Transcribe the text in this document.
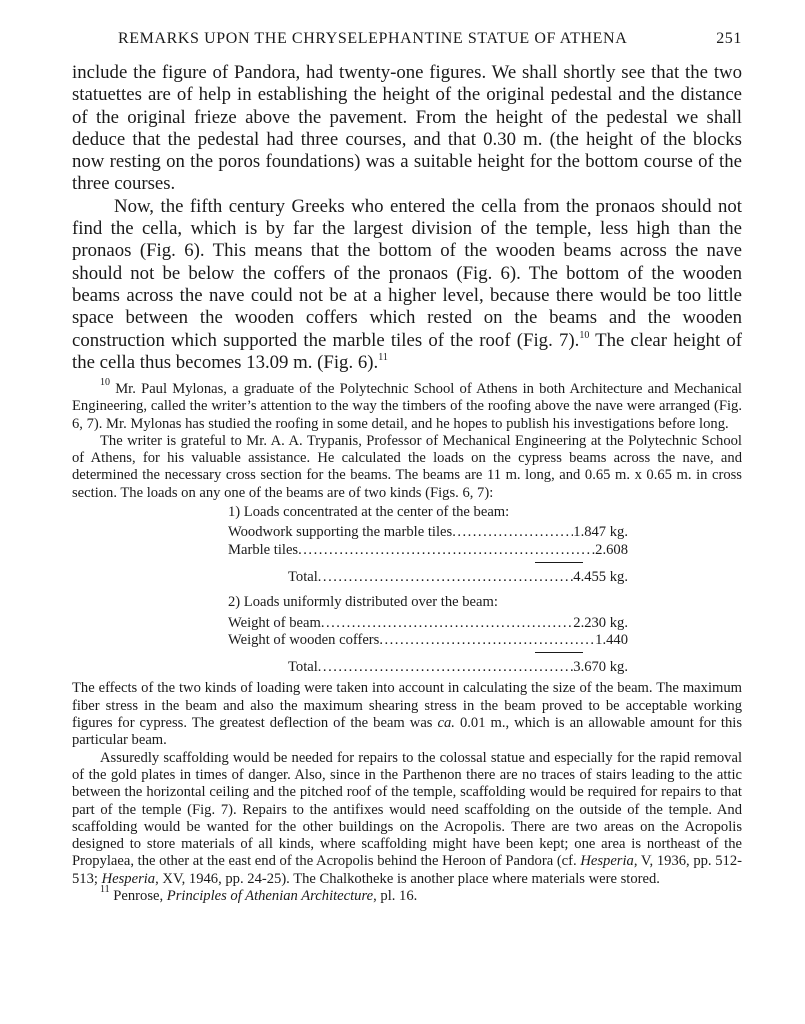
REMARKS UPON THE CHRYSELEPHANTINE STATUE OF ATHENA	251

include the figure of Pandora, had twenty-one figures. We shall shortly see that the two statuettes are of help in establishing the height of the original pedestal and the distance of the original frieze above the pavement. From the height of the pedestal we shall deduce that the pedestal had three courses, and that 0.30 m. (the height of the blocks now resting on the poros foundations) was a suitable height for the bottom course of the three courses.

Now, the fifth century Greeks who entered the cella from the pronaos should not find the cella, which is by far the largest division of the temple, less high than the pronaos (Fig. 6). This means that the bottom of the wooden beams across the nave should not be below the coffers of the pronaos (Fig. 6). The bottom of the wooden beams across the nave could not be at a higher level, because there would be too little space between the wooden coffers which rested on the beams and the wooden construction which supported the marble tiles of the roof (Fig. 7).$^{10}$ The clear height of the cella thus becomes 13.09 m. (Fig. 6).$^{11}$

$^{10}$ Mr. Paul Mylonas, a graduate of the Polytechnic School of Athens in both Architecture and Mechanical Engineering, called the writer’s attention to the way the timbers of the roofing above the nave were arranged (Fig. 6, 7). Mr. Mylonas has studied the roofing in some detail, and he hopes to publish his investigations before long.

The writer is grateful to Mr. A. A. Trypanis, Professor of Mechanical Engineering at the Polytechnic School of Athens, for his valuable assistance. He calculated the loads on the cypress beams across the nave, and determined the necessary cross section for the beams. The beams are 11 m. long, and 0.65 m. x 0.65 m. in cross section. The loads on any one of the beams are of two kinds (Figs. 6, 7):

1) Loads concentrated at the center of the beam:
Woodwork supporting the marble tiles .....	1.847 kg.
Marble tiles .....	2.608
Total .....	4.455 kg.
2) Loads uniformly distributed over the beam:
Weight of beam .....	2.230 kg.
Weight of wooden coffers .....	1.440
Total .....	3.670 kg.

The effects of the two kinds of loading were taken into account in calculating the size of the beam. The maximum fiber stress in the beam and also the maximum shearing stress in the beam proved to be acceptable working figures for cypress. The greatest deflection of the beam was ca. 0.01 m., which is an allowable amount for this particular beam.

Assuredly scaffolding would be needed for repairs to the colossal statue and especially for the rapid removal of the gold plates in times of danger. Also, since in the Parthenon there are no traces of stairs leading to the attic between the horizontal ceiling and the pitched roof of the temple, scaffolding would be required for repairs to that part of the temple (Fig. 7). Repairs to the antifixes would need scaffolding on the outside of the temple. And scaffolding would be wanted for the other buildings on the Acropolis. There are two areas on the Acropolis designed to store materials of all kinds, where scaffolding might have been kept; one area is northeast of the Propylaea, the other at the east end of the Acropolis behind the Heroon of Pandora (cf. Hesperia, V, 1936, pp. 512-513; Hesperia, XV, 1946, pp. 24-25). The Chalkotheke is another place where materials were stored.

$^{11}$ Penrose, Principles of Athenian Architecture, pl. 16.
